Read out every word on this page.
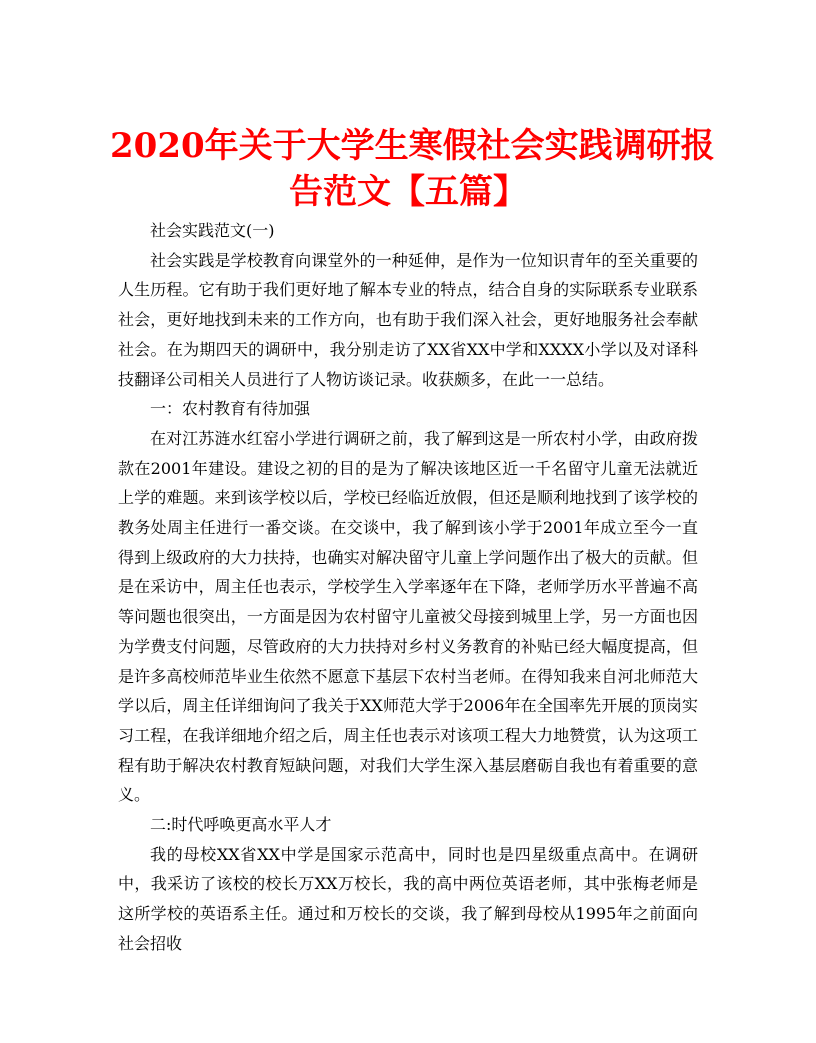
2020年关于大学生寒假社会实践调研报
告范文【五篇】

社会实践范文(一)

社会实践是学校教育向课堂外的一种延伸，是作为一位知识青年的至关重要的人生历程。它有助于我们更好地了解本专业的特点，结合自身的实际联系专业联系社会，更好地找到未来的工作方向，也有助于我们深入社会，更好地服务社会奉献社会。在为期四天的调研中，我分别走访了XX省XX中学和XXXX小学以及对译科技翻译公司相关人员进行了人物访谈记录。收获颇多，在此一一总结。

一：农村教育有待加强

在对江苏涟水红窑小学进行调研之前，我了解到这是一所农村小学，由政府拨款在2001年建设。建设之初的目的是为了解决该地区近一千名留守儿童无法就近上学的难题。来到该学校以后，学校已经临近放假，但还是顺利地找到了该学校的教务处周主任进行一番交谈。在交谈中，我了解到该小学于2001年成立至今一直得到上级政府的大力扶持，也确实对解决留守儿童上学问题作出了极大的贡献。但是在采访中，周主任也表示，学校学生入学率逐年在下降，老师学历水平普遍不高等问题也很突出，一方面是因为农村留守儿童被父母接到城里上学，另一方面也因为学费支付问题，尽管政府的大力扶持对乡村义务教育的补贴已经大幅度提高，但是许多高校师范毕业生依然不愿意下基层下农村当老师。在得知我来自河北师范大学以后，周主任详细询问了我关于XX师范大学于2006年在全国率先开展的顶岗实习工程，在我详细地介绍之后，周主任也表示对该项工程大力地赞赏，认为这项工程有助于解决农村教育短缺问题，对我们大学生深入基层磨砺自我也有着重要的意义。

二:时代呼唤更高水平人才

我的母校XX省XX中学是国家示范高中，同时也是四星级重点高中。在调研中，我采访了该校的校长万XX万校长，我的高中两位英语老师，其中张梅老师是这所学校的英语系主任。通过和万校长的交谈，我了解到母校从1995年之前面向社会招收
